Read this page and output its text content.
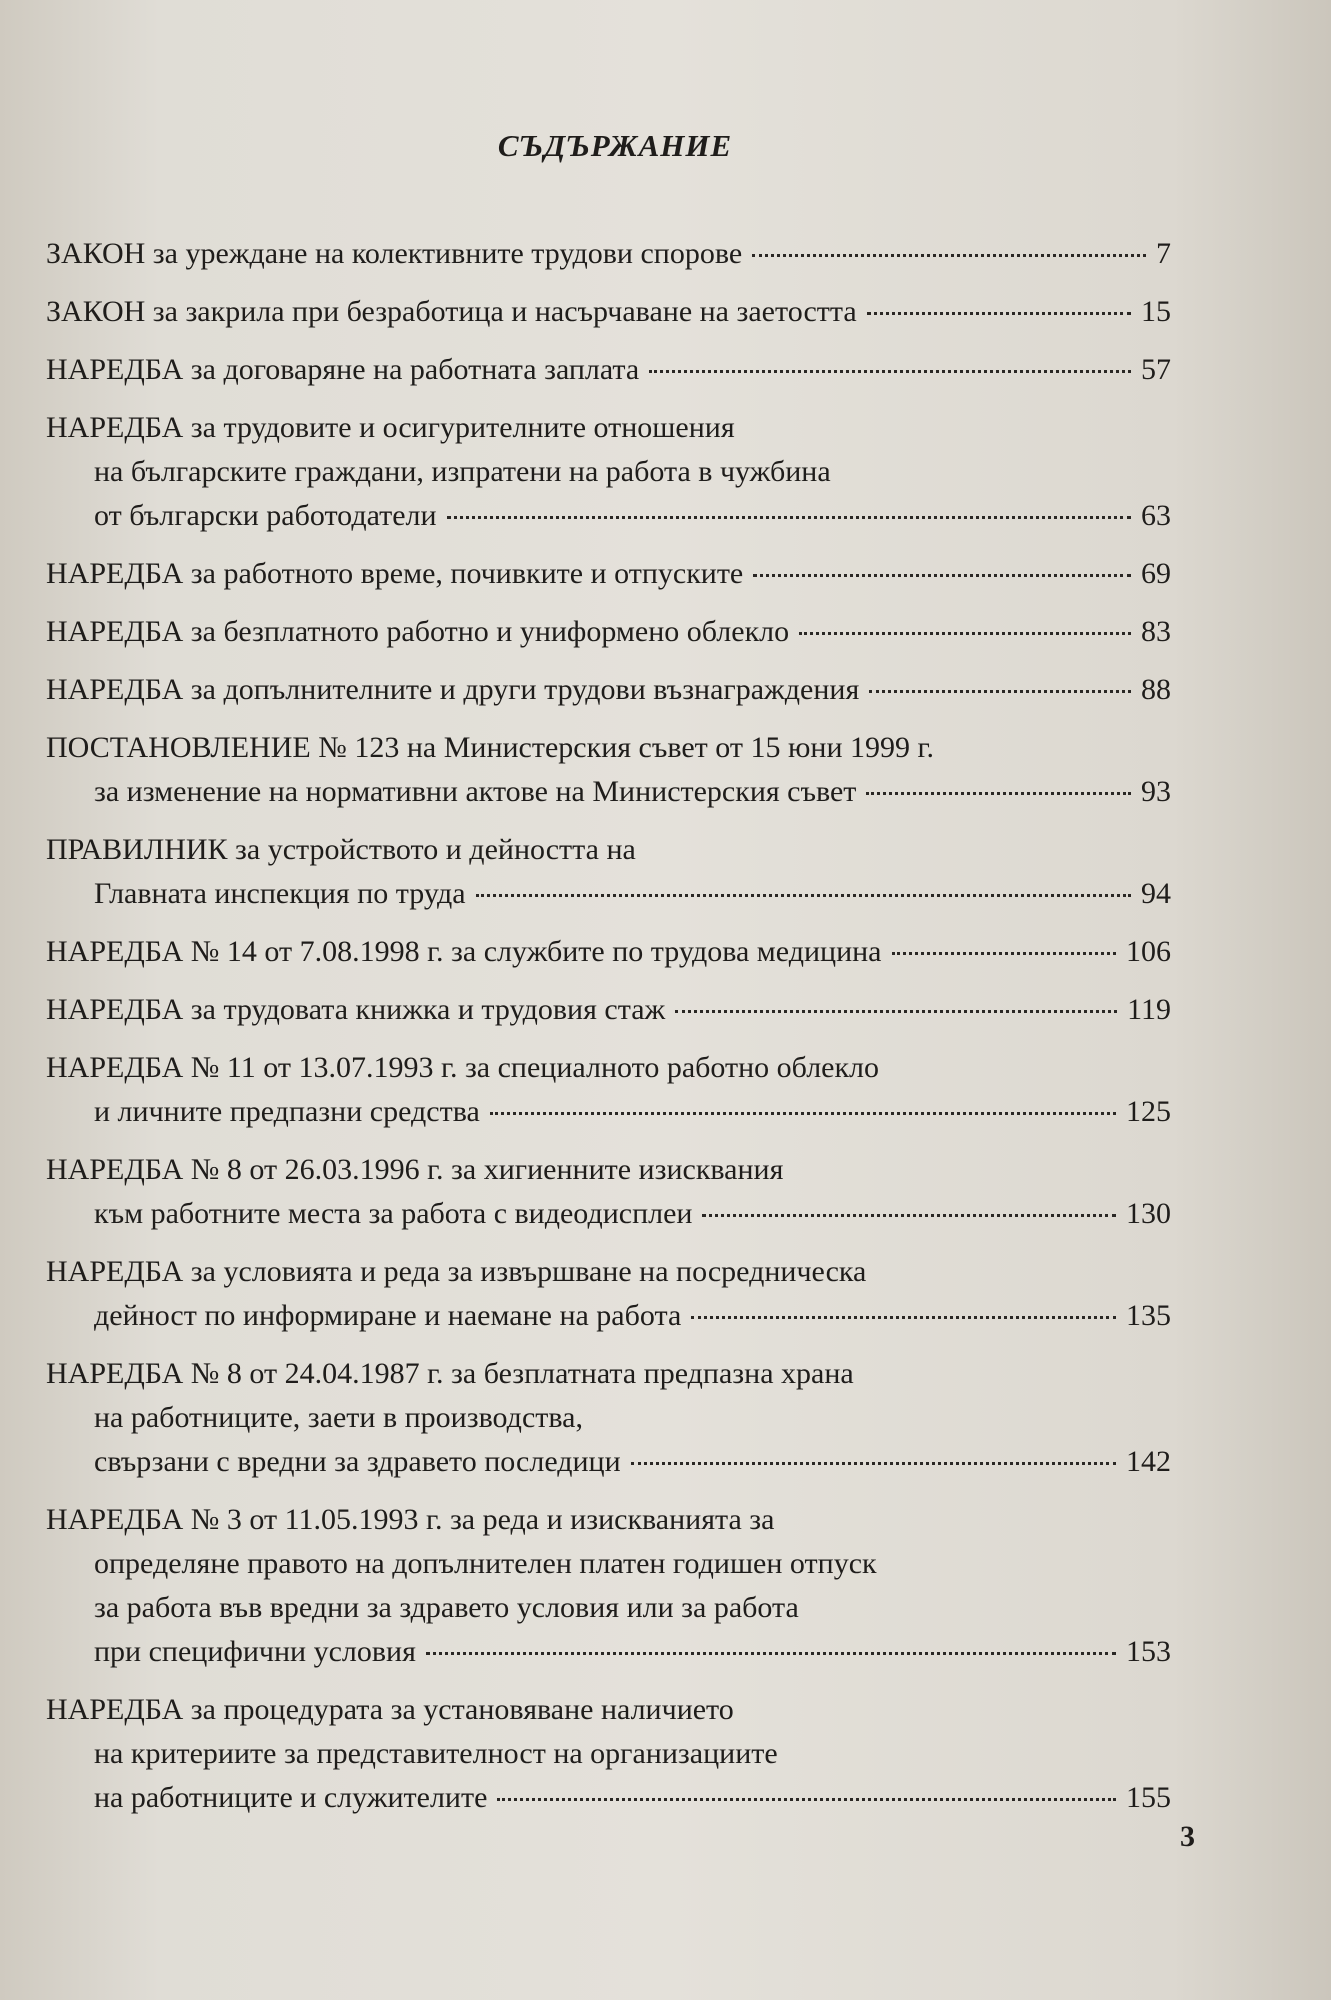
СЪДЪРЖАНИЕ
ЗАКОН за уреждане на колективните трудови спорове	7
ЗАКОН за закрила при безработица и насърчаване на заетостта	15
НАРЕДБА за договаряне на работната заплата	57
НАРЕДБА за трудовите и осигурителните отношения
на българските граждани, изпратени на работа в чужбина
от български работодатели	63
НАРЕДБА за работното време, почивките и отпуските	69
НАРЕДБА за безплатното работно и униформено облекло	83
НАРЕДБА за допълнителните и други трудови възнаграждения	88
ПОСТАНОВЛЕНИЕ № 123 на Министерския съвет от 15 юни 1999 г.
за изменение на нормативни актове на Министерския съвет	93
ПРАВИЛНИК за устройството и дейността на
Главната инспекция по труда	94
НАРЕДБА № 14 от 7.08.1998 г. за службите по трудова медицина	106
НАРЕДБА за трудовата книжка и трудовия стаж	119
НАРЕДБА № 11 от 13.07.1993 г. за специалното работно облекло
и личните предпазни средства	125
НАРЕДБА № 8 от 26.03.1996 г. за хигиенните изисквания
към работните места за работа с видеодисплеи	130
НАРЕДБА за условията и реда за извършване на посредническа
дейност по информиране и наемане на работа	135
НАРЕДБА № 8 от 24.04.1987 г. за безплатната предпазна храна
на работниците, заети в производства,
свързани с вредни за здравето последици	142
НАРЕДБА № 3 от 11.05.1993 г. за реда и изискванията за
определяне правото на допълнителен платен годишен отпуск
за работа във вредни за здравето условия или за работа
при специфични условия	153
НАРЕДБА за процедурата за установяване наличието
на критериите за представителност на организациите
на работниците и служителите	155
3
